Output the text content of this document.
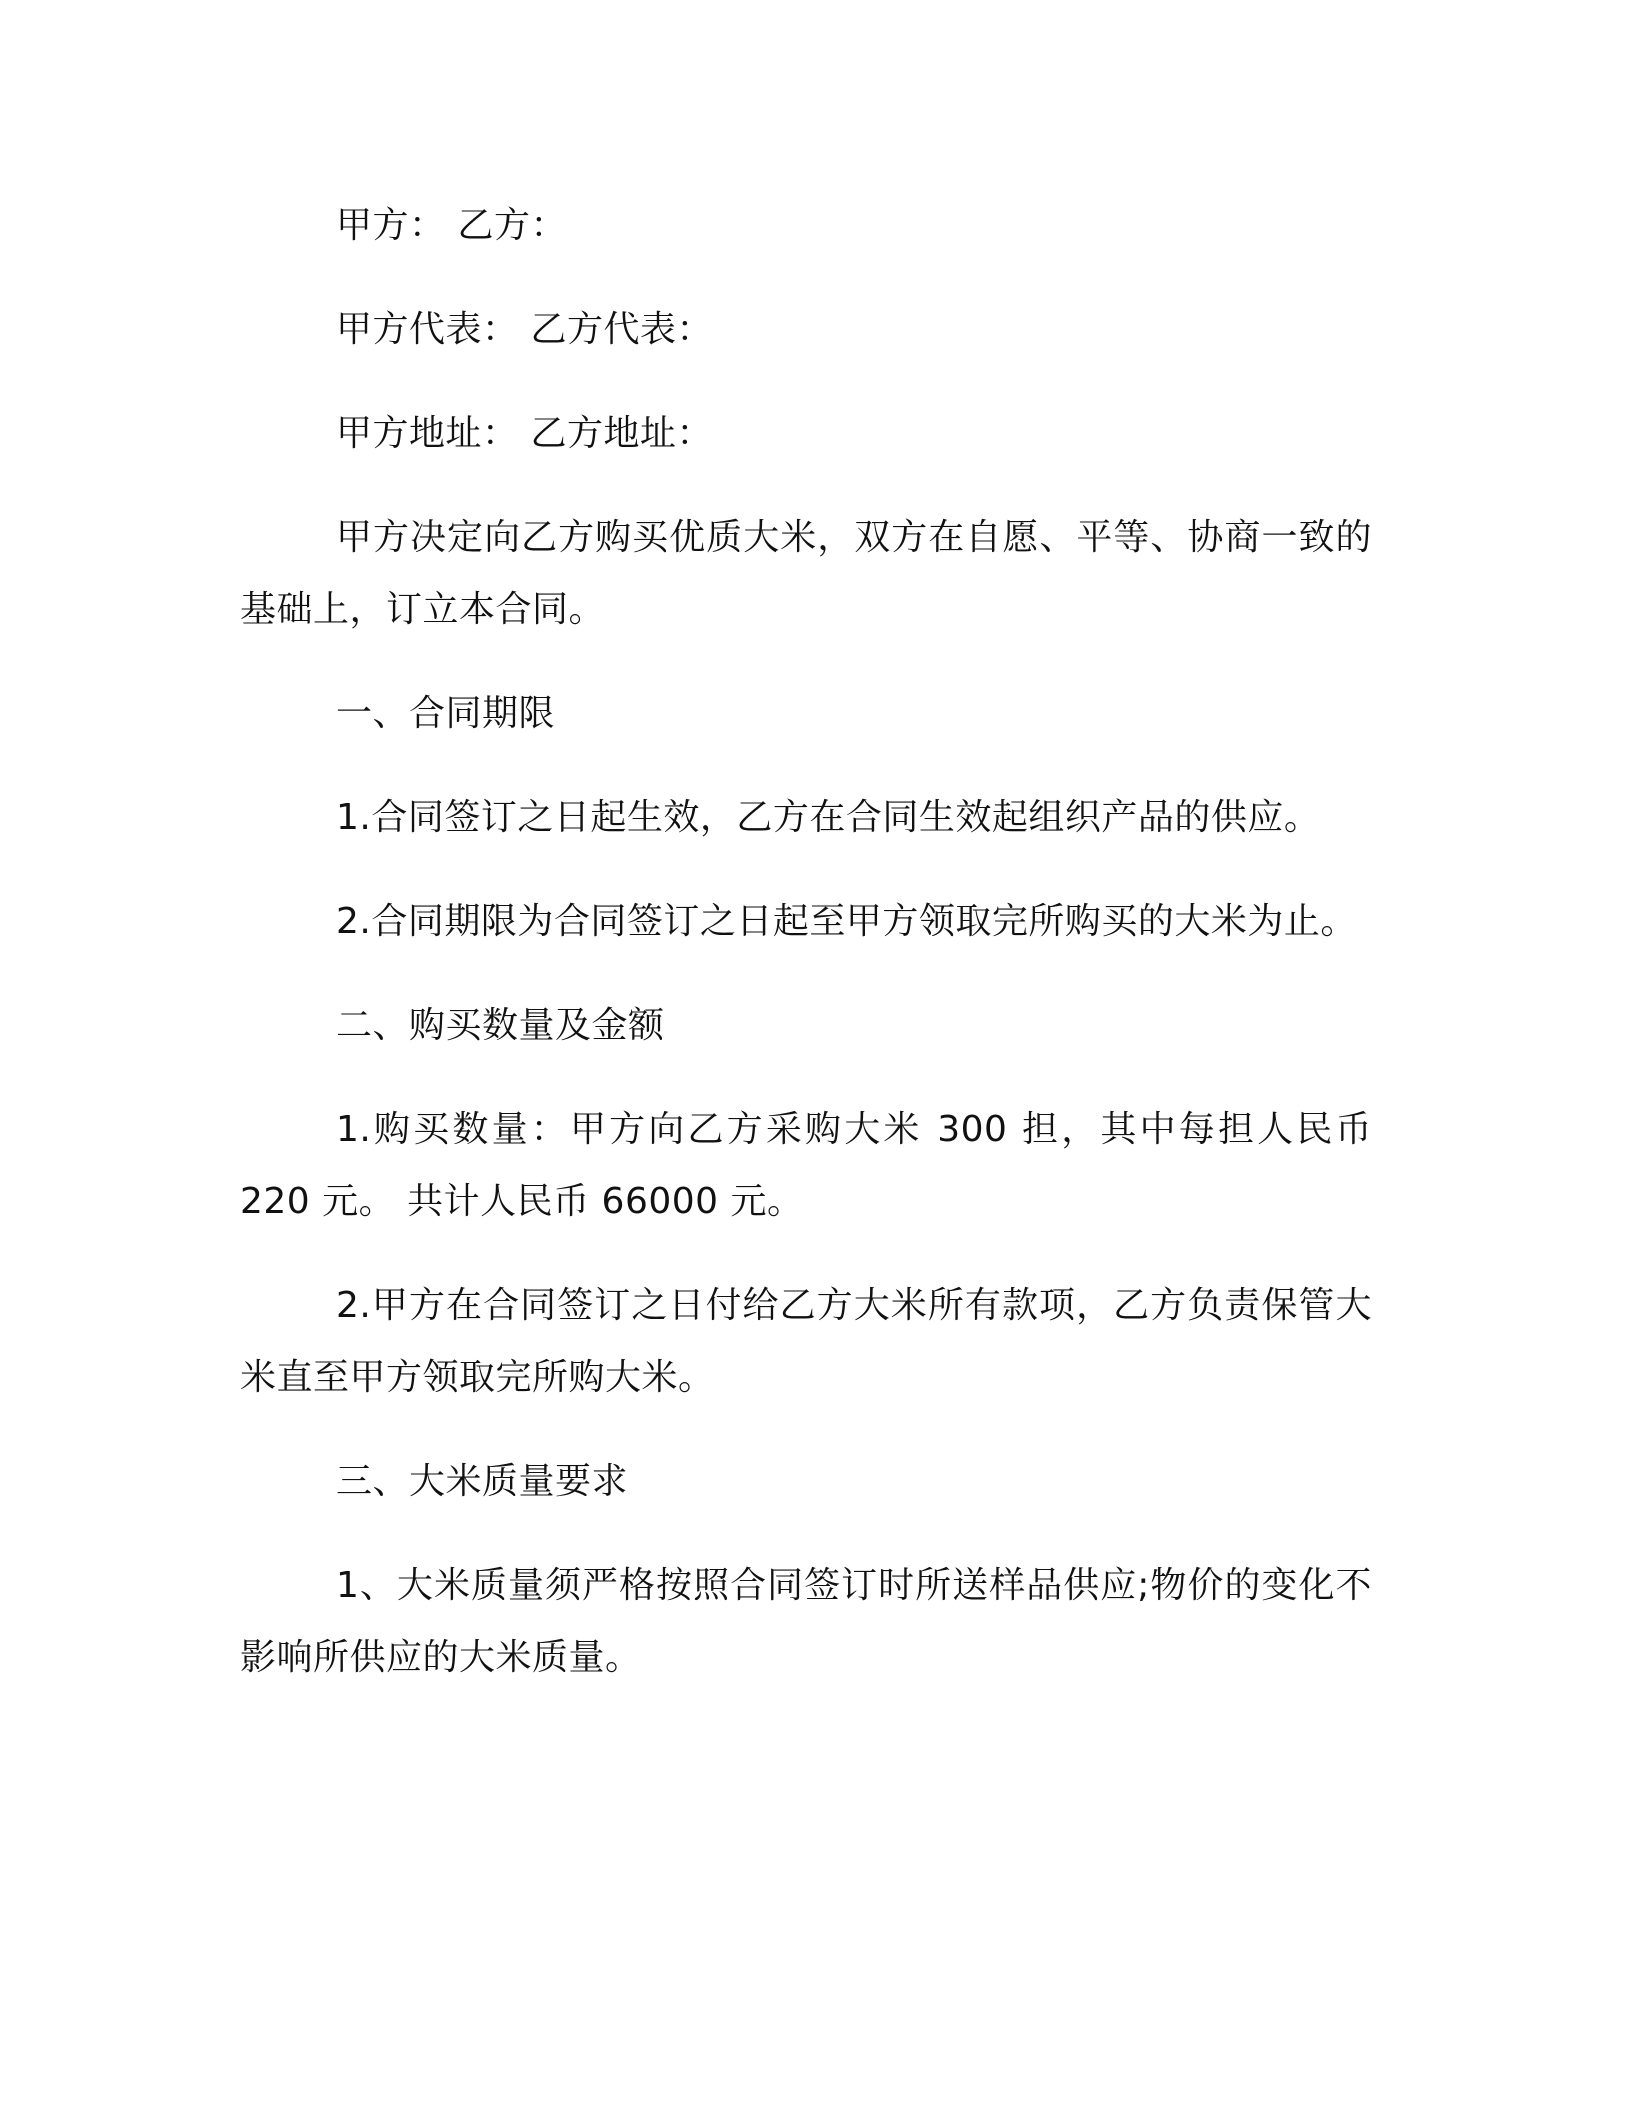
甲方： 乙方：

甲方代表： 乙方代表：

甲方地址： 乙方地址：

甲方决定向乙方购买优质大米，双方在自愿、平等、协商一致的基础上，订立本合同。

一、合同期限

1.合同签订之日起生效，乙方在合同生效起组织产品的供应。

2.合同期限为合同签订之日起至甲方领取完所购买的大米为止。

二、购买数量及金额

1.购买数量：甲方向乙方采购大米 300 担，其中每担人民币 220 元。 共计人民币 66000 元。

2.甲方在合同签订之日付给乙方大米所有款项，乙方负责保管大米直至甲方领取完所购大米。

三、大米质量要求

1、大米质量须严格按照合同签订时所送样品供应;物价的变化不影响所供应的大米质量。
